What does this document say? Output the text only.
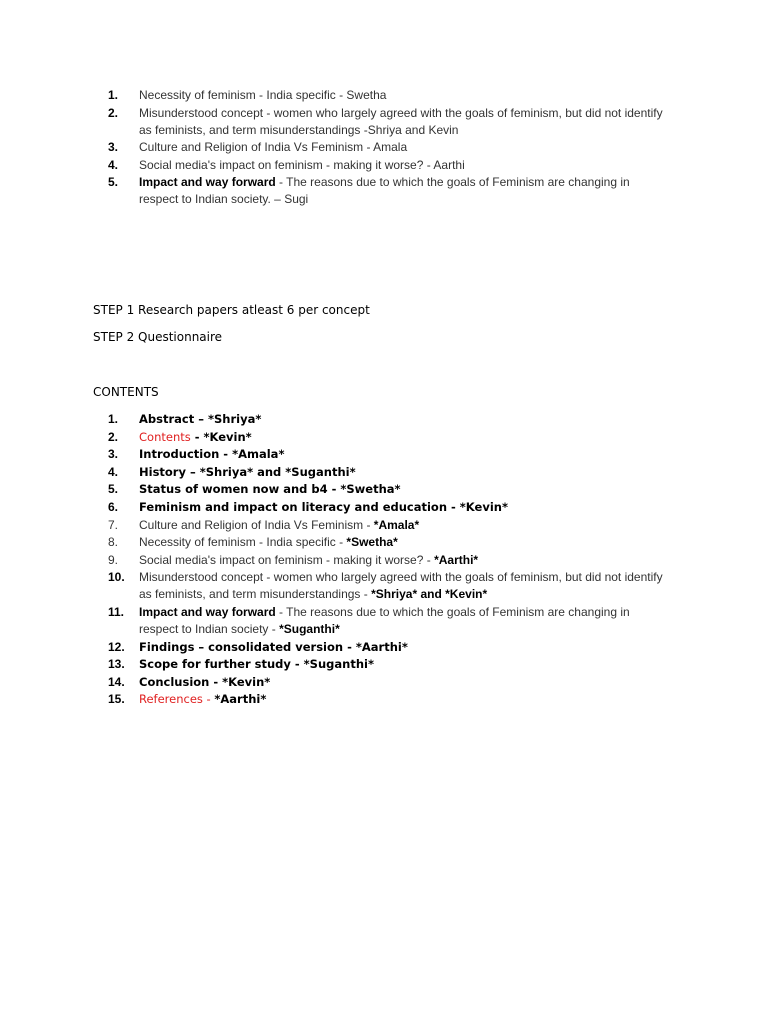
1.	Necessity of feminism - India specific - Swetha
2.	Misunderstood concept - women who largely agreed with the goals of feminism, but did not identify as feminists, and term misunderstandings -Shriya and Kevin
3.	Culture and Religion of India Vs Feminism - Amala
4.	Social media's impact on feminism - making it worse? - Aarthi
5.	Impact and way forward - The reasons due to which the goals of Feminism are changing in respect to Indian society. – Sugi
STEP 1 Research papers atleast 6 per concept
STEP 2 Questionnaire
CONTENTS
1.	Abstract – *Shriya*
2.	Contents - *Kevin*
3.	Introduction - *Amala*
4.	History – *Shriya* and *Suganthi*
5.	Status of women now and b4 - *Swetha*
6.	Feminism and impact on literacy and education - *Kevin*
7.	Culture and Religion of India Vs Feminism - *Amala*
8.	Necessity of feminism - India specific - *Swetha*
9.	Social media's impact on feminism - making it worse? - *Aarthi*
10.	Misunderstood concept - women who largely agreed with the goals of feminism, but did not identify as feminists, and term misunderstandings - *Shriya* and *Kevin*
11.	Impact and way forward - The reasons due to which the goals of Feminism are changing in respect to Indian society - *Suganthi*
12.	Findings – consolidated version - *Aarthi*
13.	Scope for further study - *Suganthi*
14.	Conclusion - *Kevin*
15.	References - *Aarthi*
